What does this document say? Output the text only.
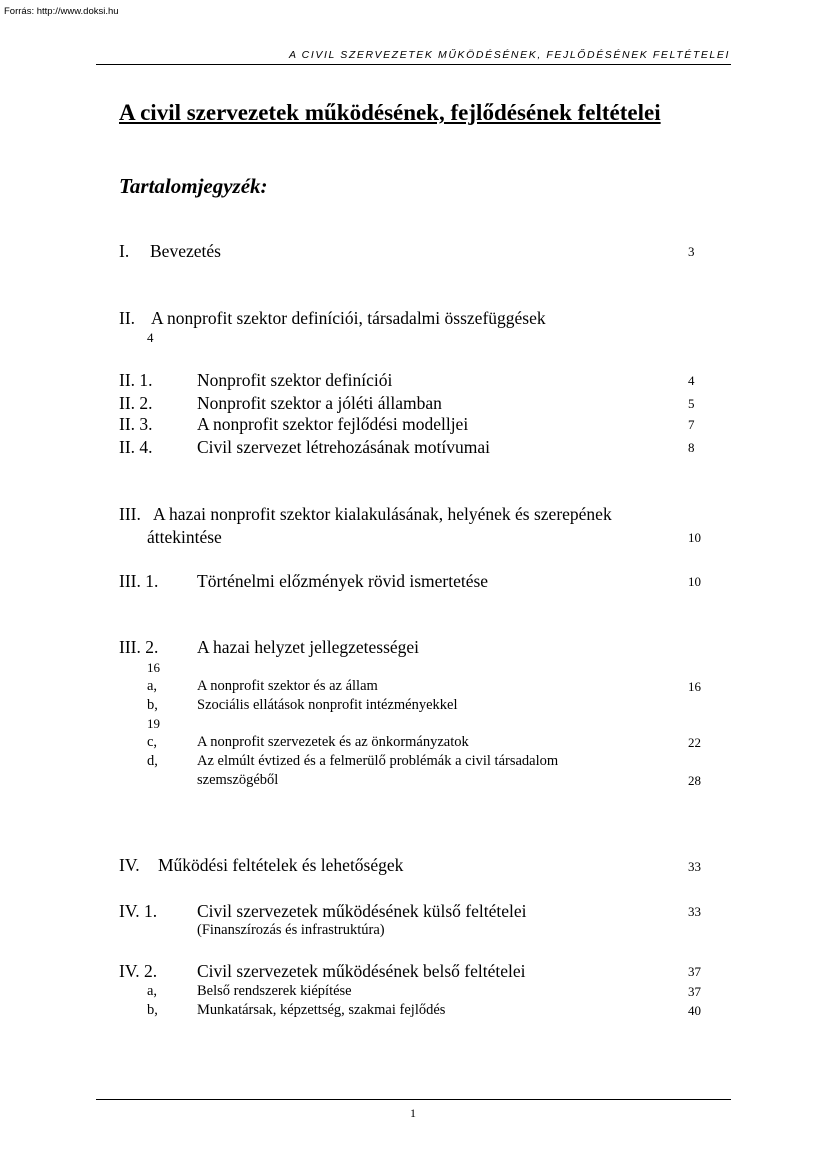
Forrás: http://www.doksi.hu
A CIVIL SZERVEZETEK MŰKÖDÉSÉNEK, FEJLŐDÉSÉNEK FELTÉTELEI
A civil szervezetek működésének, fejlődésének feltételei
Tartalomjegyzék:
I. Bevezetés	3
II. A nonprofit szektor definíciói, társadalmi összefüggések
4
II. 1.	Nonprofit szektor definíciói	4
II. 2.	Nonprofit szektor a jóléti államban	5
II. 3.	A nonprofit szektor fejlődési modelljei	7
II. 4.	Civil szervezet létrehozásának motívumai	8
III. A hazai nonprofit szektor kialakulásának, helyének és szerepének
áttekintése	10
III. 1. Történelmi előzmények rövid ismertetése	10
III. 2. A hazai helyzet jellegzetességei
16
a,	A nonprofit szektor és az állam	16
b,	Szociális ellátások nonprofit intézményekkel
19
c,	A nonprofit szervezetek és az önkormányzatok	22
d,	Az elmúlt évtized és a felmerülő problémák a civil társadalom
szemszögéből	28
IV. Működési feltételek és lehetőségek	33
IV. 1. Civil szervezetek működésének külső feltételei
(Finanszírozás és infrastruktúra)
33
IV. 2. Civil szervezetek működésének belső feltételei	37
a,	Belső rendszerek kiépítése	37
b,	Munkatársak, képzettség, szakmai fejlődés	40
1
